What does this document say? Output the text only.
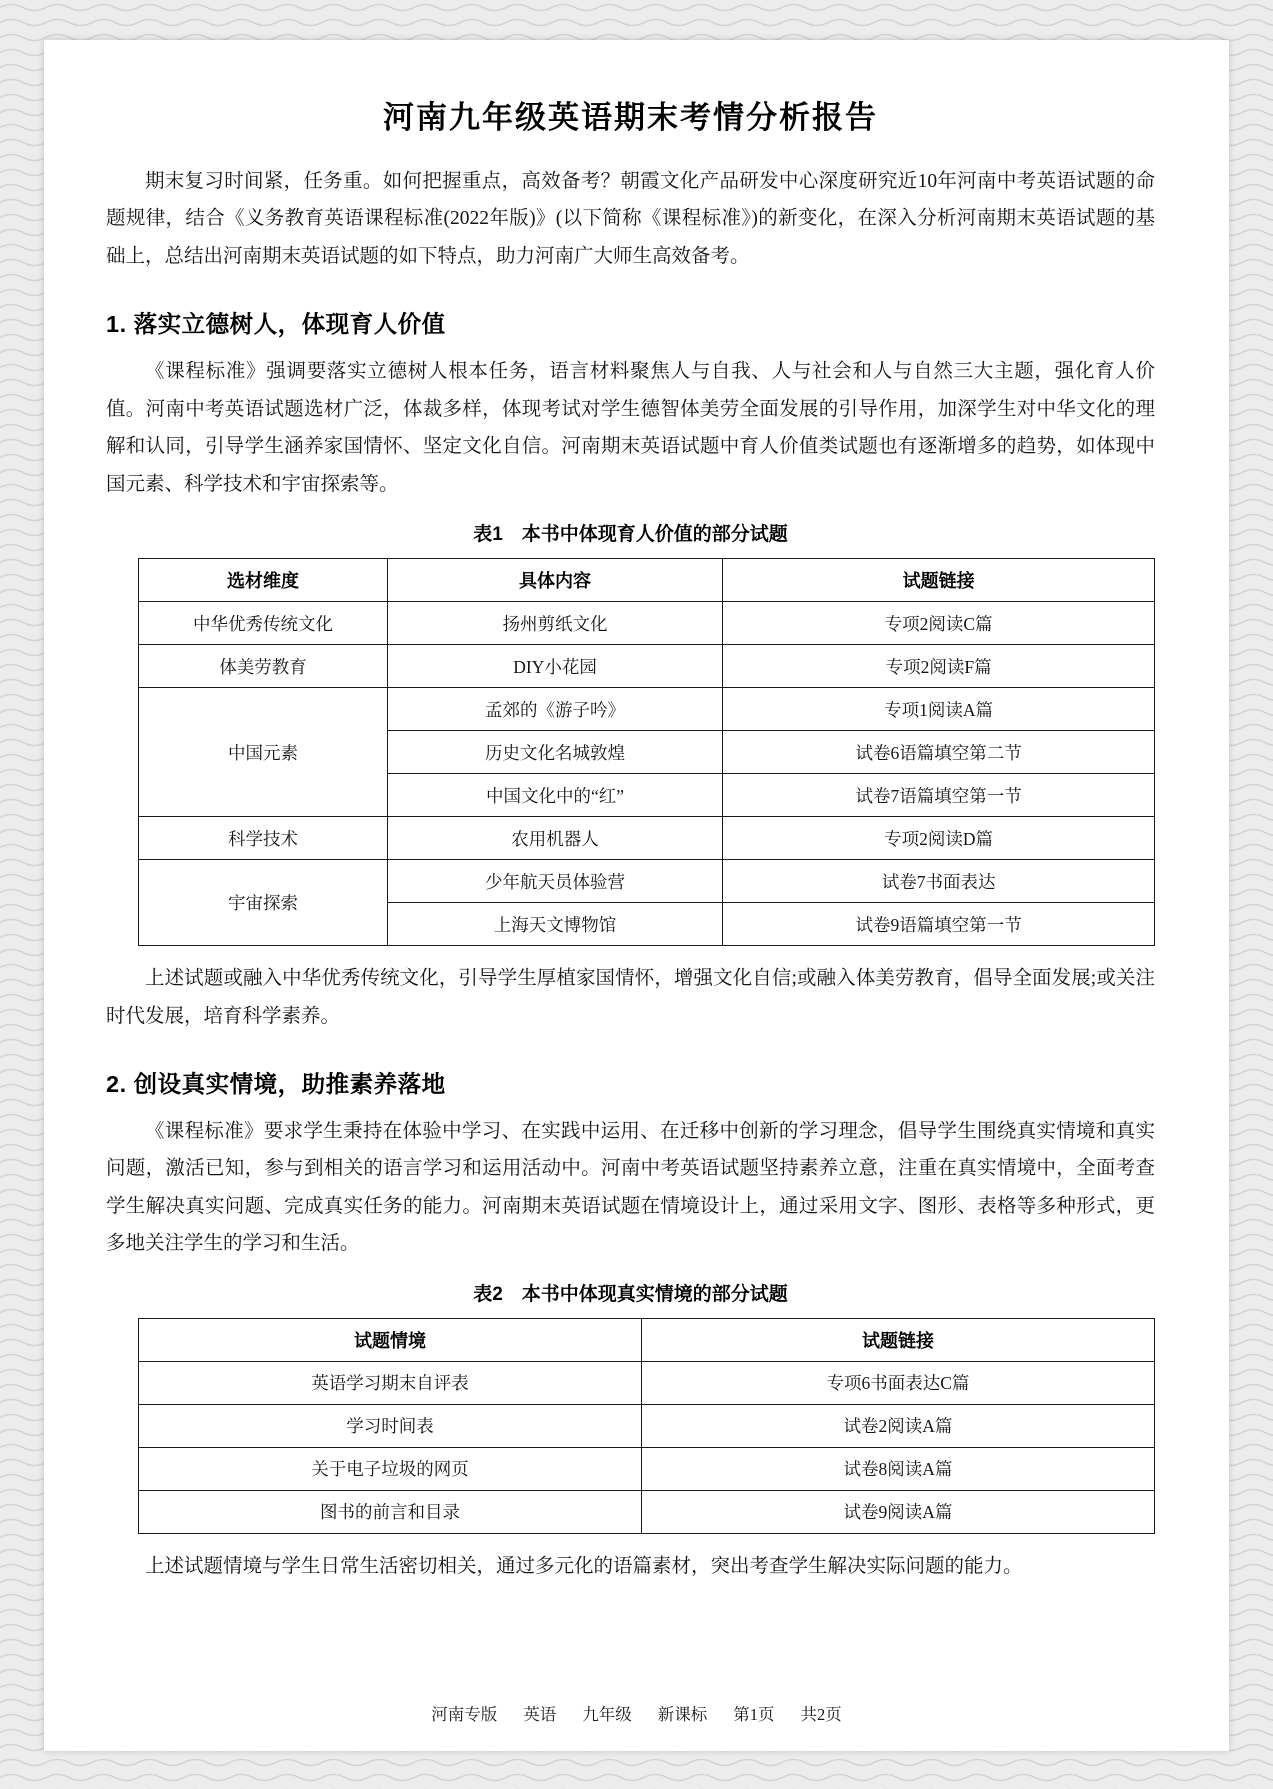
河南九年级英语期末考情分析报告

期末复习时间紧，任务重。如何把握重点，高效备考？朝霞文化产品研发中心深度研究近10年河南中考英语试题的命题规律，结合《义务教育英语课程标准(2022年版)》(以下简称《课程标准》)的新变化，在深入分析河南期末英语试题的基础上，总结出河南期末英语试题的如下特点，助力河南广大师生高效备考。

1. 落实立德树人，体现育人价值

《课程标准》强调要落实立德树人根本任务，语言材料聚焦人与自我、人与社会和人与自然三大主题，强化育人价值。河南中考英语试题选材广泛，体裁多样，体现考试对学生德智体美劳全面发展的引导作用，加深学生对中华文化的理解和认同，引导学生涵养家国情怀、坚定文化自信。河南期末英语试题中育人价值类试题也有逐渐增多的趋势，如体现中国元素、科学技术和宇宙探索等。

表1　本书中体现育人价值的部分试题
选材维度	具体内容	试题链接
中华优秀传统文化	扬州剪纸文化	专项2阅读C篇
体美劳教育	DIY小花园	专项2阅读F篇
中国元素	孟郊的《游子吟》	专项1阅读A篇
	历史文化名城敦煌	试卷6语篇填空第二节
	中国文化中的“红”	试卷7语篇填空第一节
科学技术	农用机器人	专项2阅读D篇
宇宙探索	少年航天员体验营	试卷7书面表达
	上海天文博物馆	试卷9语篇填空第一节

上述试题或融入中华优秀传统文化，引导学生厚植家国情怀，增强文化自信;或融入体美劳教育，倡导全面发展;或关注时代发展，培育科学素养。

2. 创设真实情境，助推素养落地

《课程标准》要求学生秉持在体验中学习、在实践中运用、在迁移中创新的学习理念，倡导学生围绕真实情境和真实问题，激活已知，参与到相关的语言学习和运用活动中。河南中考英语试题坚持素养立意，注重在真实情境中，全面考查学生解决真实问题、完成真实任务的能力。河南期末英语试题在情境设计上，通过采用文字、图形、表格等多种形式，更多地关注学生的学习和生活。

表2　本书中体现真实情境的部分试题
试题情境	试题链接
英语学习期末自评表	专项6书面表达C篇
学习时间表	试卷2阅读A篇
关于电子垃圾的网页	试卷8阅读A篇
图书的前言和目录	试卷9阅读A篇

上述试题情境与学生日常生活密切相关，通过多元化的语篇素材，突出考查学生解决实际问题的能力。

河南专版 英语 九年级 新课标 第1页 共2页
